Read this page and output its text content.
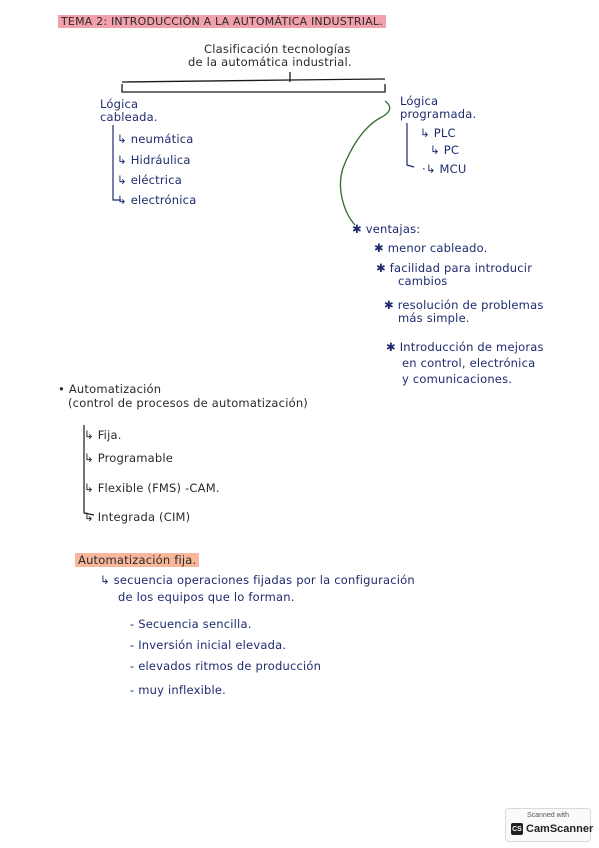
TEMA 2: INTRODUCCIÓN A LA AUTOMÁTICA INDUSTRIAL.
Clasificación tecnologías
de la automática industrial.
Lógica
cableada.
↳ neumática
↳ Hidráulica
↳ eléctrica
↳ electrónica
Lógica
programada.
↳ PLC
↳ PC
·↳ MCU
✱ ventajas:
✱ menor cableado.
✱ facilidad para introducir
cambios
✱ resolución de problemas
más simple.
✱ Introducción de mejoras
en control, electrónica
y comunicaciones.
• Automatización
(control de procesos de automatización)
↳ Fija.
↳ Programable
↳ Flexible (FMS) -CAM.
↳ Integrada (CIM)
Automatización fija.
↳ secuencia operaciones fijadas por la configuración
de los equipos que lo forman.
- Secuencia sencilla.
- Inversión inicial elevada.
- elevados ritmos de producción
- muy inflexible.
Scanned with
CS CamScanner
